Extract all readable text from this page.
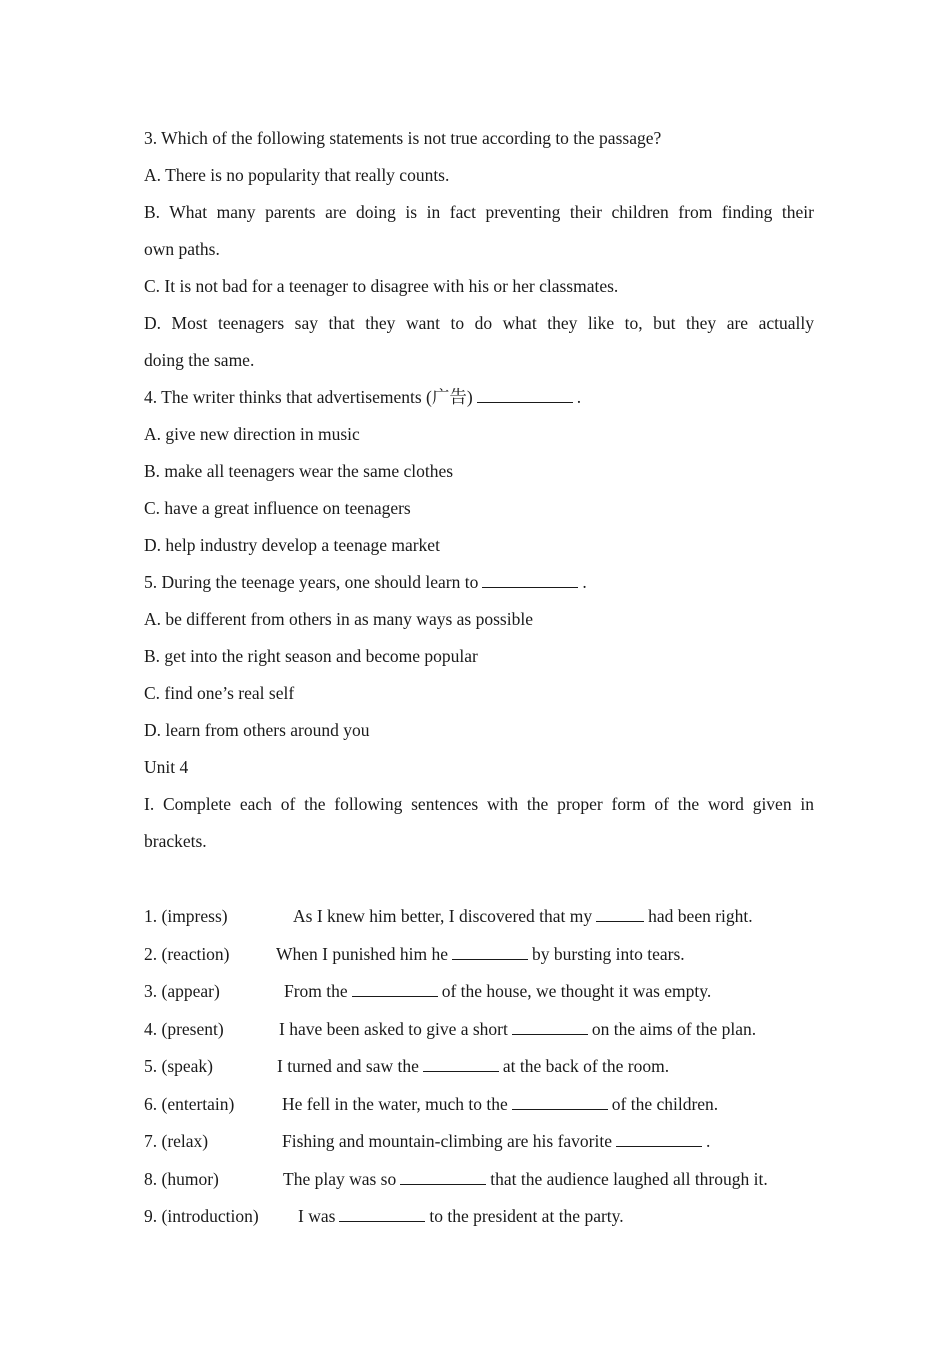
3. Which of the following statements is not true according to the passage?
A. There is no popularity that really counts.
B. What many parents are doing is in fact preventing their children from finding their
own paths.
C. It is not bad for a teenager to disagree with his or her classmates.
D. Most teenagers say that they want to do what they like to, but they are actually
doing the same.
4. The writer thinks that advertisements (广告)	.
A. give new direction in music
B. make all teenagers wear the same clothes
C. have a great influence on teenagers
D. help industry develop a teenage market
5. During the teenage years, one should learn to	.
A. be different from others in as many ways as possible
B. get into the right season and become popular
C. find one’s real self
D. learn from others around you
Unit 4
I. Complete each of the following sentences with the proper form of the word given in
brackets.
1. (impress)	As I knew him better, I discovered that my	had been right.
2. (reaction)	When I punished him he	by bursting into tears.
3. (appear)	From the	of the house, we thought it was empty.
4. (present)	I have been asked to give a short	on the aims of the plan.
5. (speak)	I turned and saw the	at the back of the room.
6. (entertain)	He fell in the water, much to the	of the children.
7. (relax)	Fishing and mountain-climbing are his favorite	.
8. (humor)	The play was so	that the audience laughed all through it.
9. (introduction) I was	to the president at the party.
